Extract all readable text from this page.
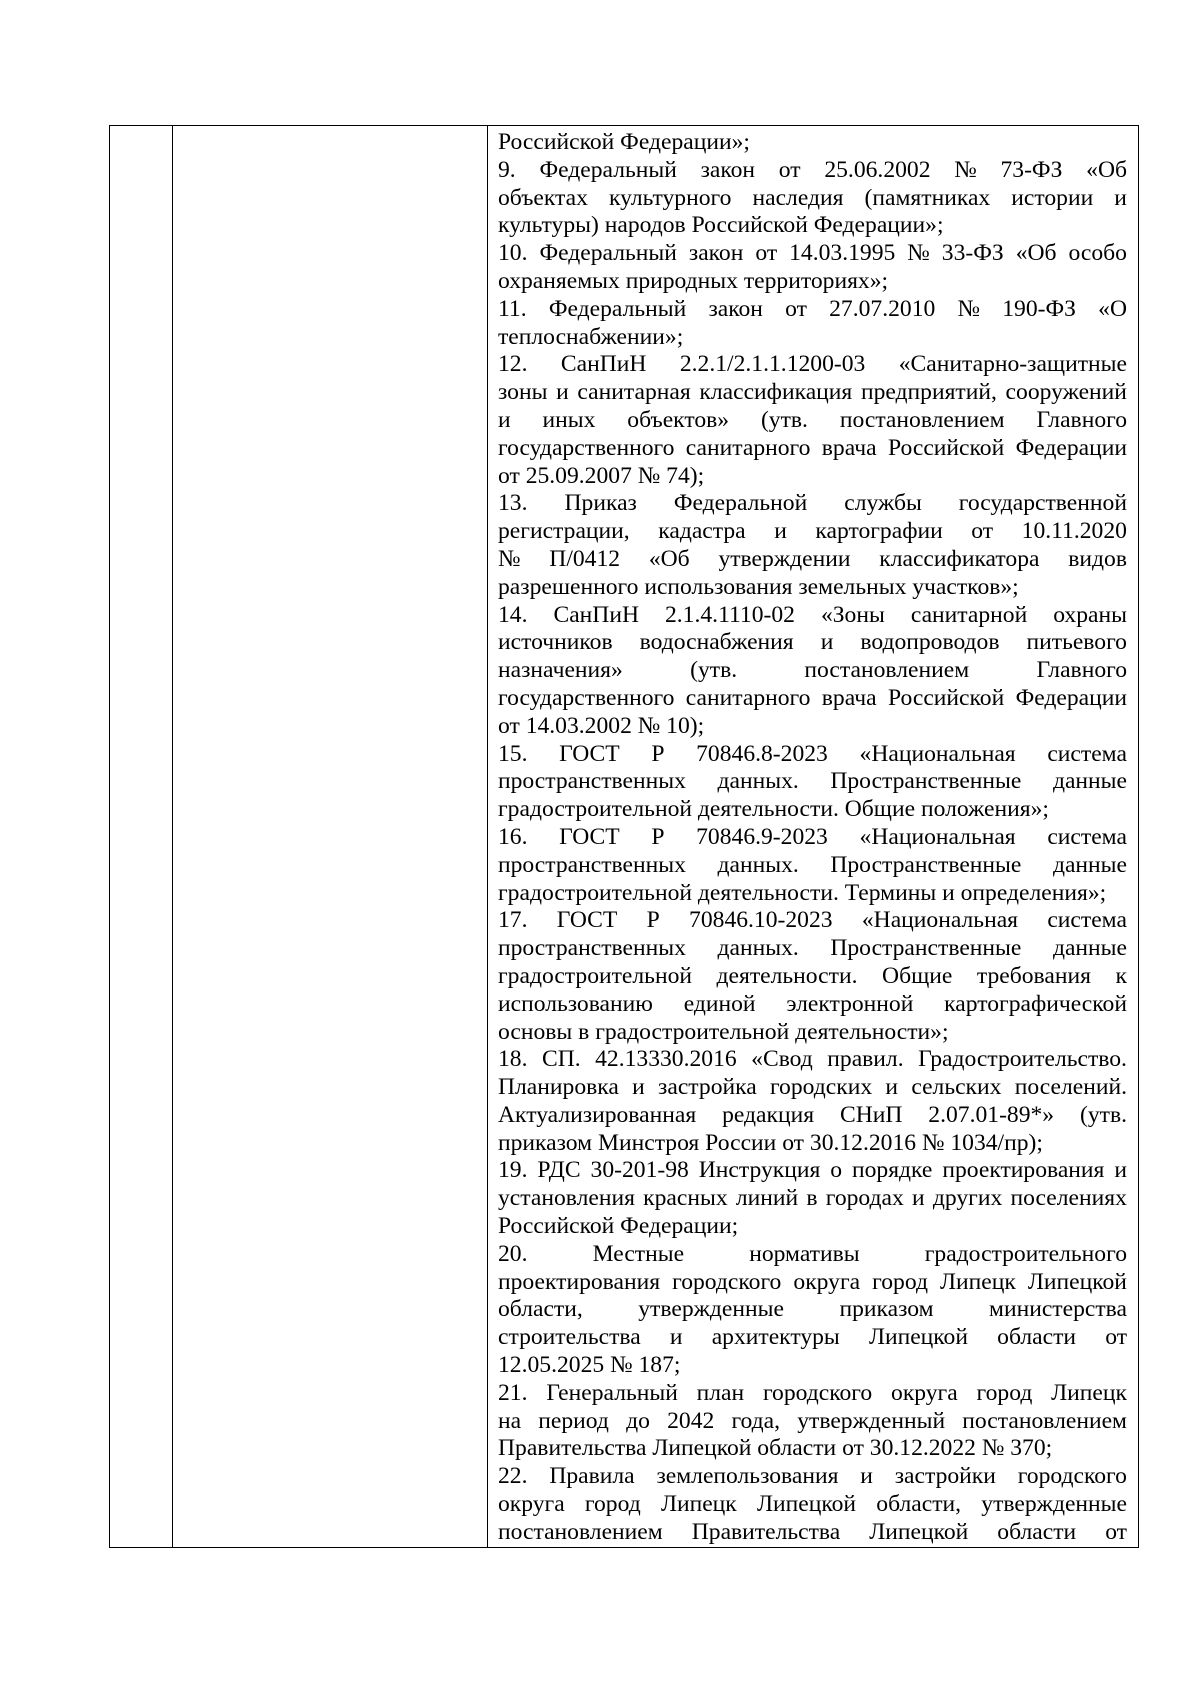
Российской Федерации»;
9. Федеральный закон от 25.06.2002 № 73-ФЗ «Об
объектах культурного наследия (памятниках истории и
культуры) народов Российской Федерации»;
10. Федеральный закон от 14.03.1995 № 33-ФЗ «Об особо
охраняемых природных территориях»;
11. Федеральный закон от 27.07.2010 № 190-ФЗ «О
теплоснабжении»;
12. СанПиН 2.2.1/2.1.1.1200-03 «Санитарно-защитные
зоны и санитарная классификация предприятий, сооружений
и иных объектов» (утв. постановлением Главного
государственного санитарного врача Российской Федерации
от 25.09.2007 № 74);
13. Приказ Федеральной службы государственной
регистрации, кадастра и картографии от 10.11.2020
№ П/0412 «Об утверждении классификатора видов
разрешенного использования земельных участков»;
14. СанПиН 2.1.4.1110-02 «Зоны санитарной охраны
источников водоснабжения и водопроводов питьевого
назначения»	(утв.	постановлением	Главного
государственного санитарного врача Российской Федерации
от 14.03.2002 № 10);
15. ГОСТ Р 70846.8-2023 «Национальная система
пространственных данных. Пространственные данные
градостроительной деятельности. Общие положения»;
16. ГОСТ Р 70846.9-2023 «Национальная система
пространственных данных. Пространственные данные
градостроительной деятельности. Термины и определения»;
17. ГОСТ Р 70846.10-2023 «Национальная система
пространственных данных. Пространственные данные
градостроительной деятельности. Общие требования к
использованию единой электронной картографической
основы в градостроительной деятельности»;
18. СП. 42.13330.2016 «Свод правил. Градостроительство.
Планировка и застройка городских и сельских поселений.
Актуализированная редакция СНиП 2.07.01-89*» (утв.
приказом Минстроя России от 30.12.2016 № 1034/пр);
19. РДС 30-201-98 Инструкция о порядке проектирования и
установления красных линий в городах и других поселениях
Российской Федерации;
20.	Местные	нормативы	градостроительного
проектирования городского округа город Липецк Липецкой
области, утвержденные приказом министерства
строительства и архитектуры Липецкой области от
12.05.2025 № 187;
21. Генеральный план городского округа город Липецк
на период до 2042 года, утвержденный постановлением
Правительства Липецкой области от 30.12.2022 № 370;
22. Правила землепользования и застройки городского
округа город Липецк Липецкой области, утвержденные
постановлением Правительства Липецкой области от
